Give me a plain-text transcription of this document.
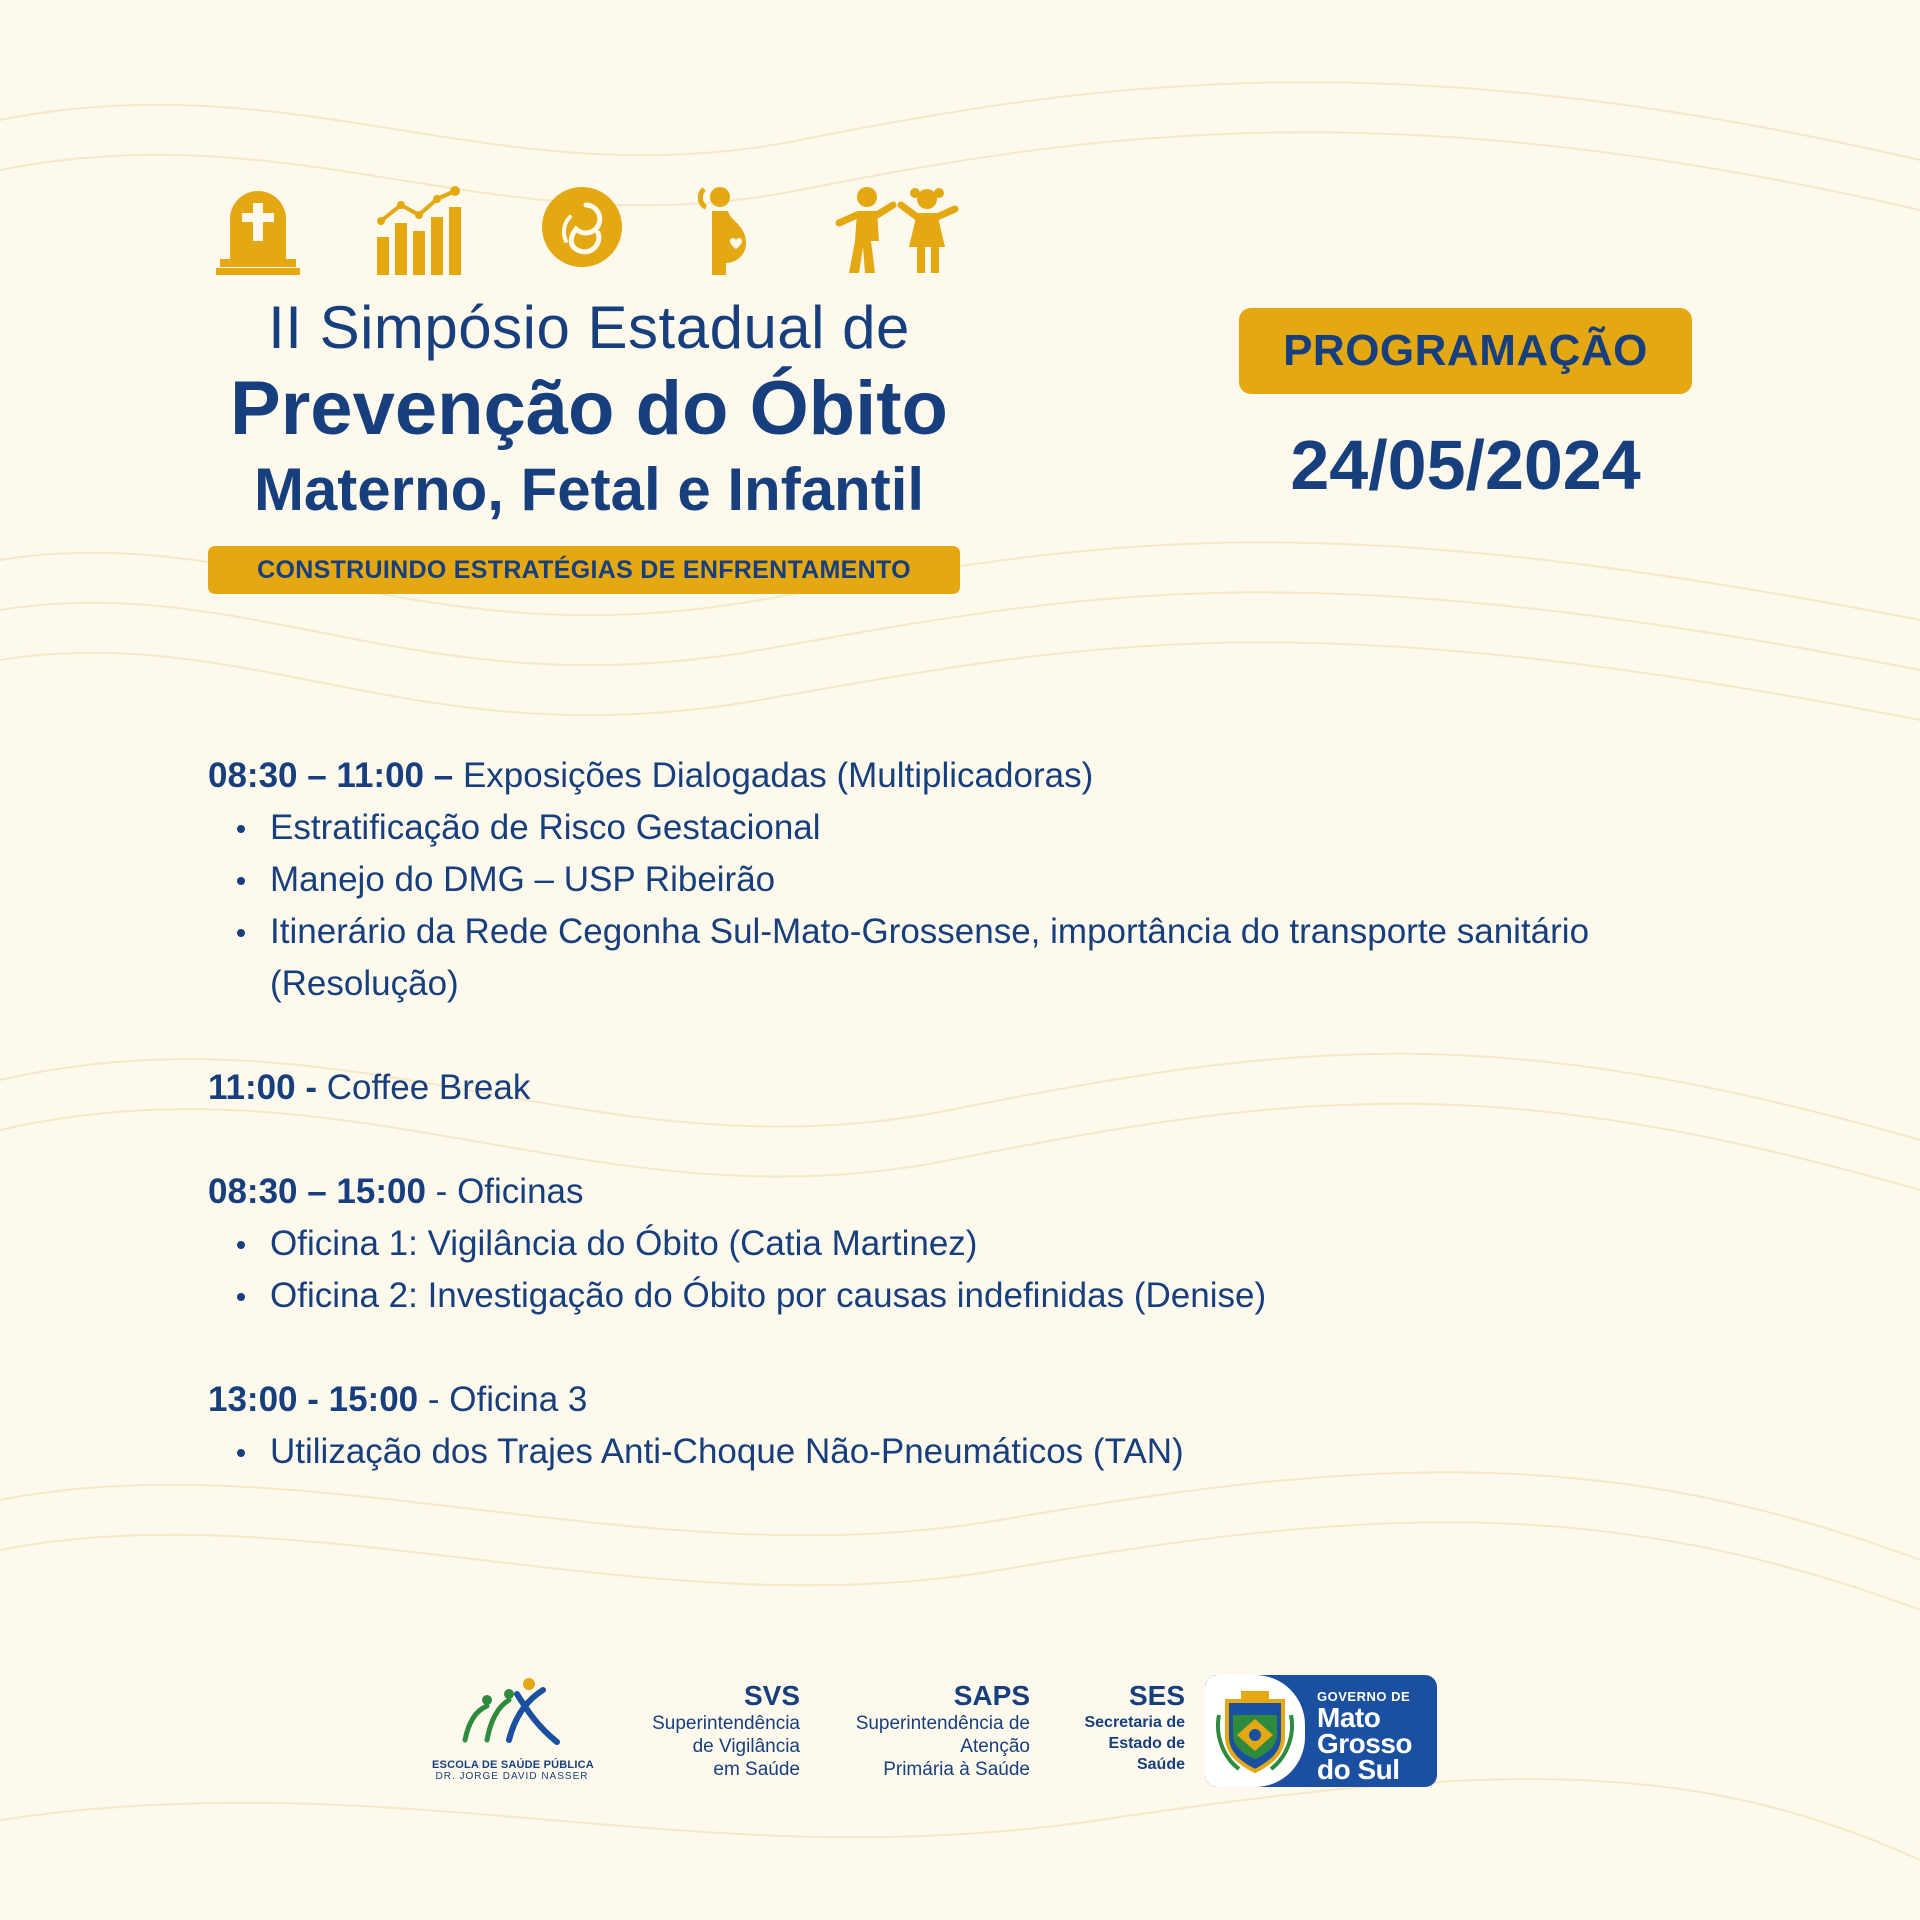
II Simpósio Estadual de
Prevenção do Óbito
Materno, Fetal e Infantil
CONSTRUINDO ESTRATÉGIAS DE ENFRENTAMENTO
PROGRAMAÇÃO
24/05/2024
08:30 – 11:00 – Exposições Dialogadas (Multiplicadoras)
Estratificação de Risco Gestacional
Manejo do DMG – USP Ribeirão
Itinerário da Rede Cegonha Sul-Mato-Grossense, importância do transporte sanitário (Resolução)
11:00 - Coffee Break
08:30 – 15:00 - Oficinas
Oficina 1: Vigilância do Óbito (Catia Martinez)
Oficina 2: Investigação do Óbito por causas indefinidas (Denise)
13:00 - 15:00 - Oficina 3
Utilização dos Trajes Anti-Choque Não-Pneumáticos (TAN)
ESCOLA DE SAÚDE PÚBLICA
DR. JORGE DAVID NASSER
SVS
Superintendência
de Vigilância
em Saúde
SAPS
Superintendência de
Atenção
Primária à Saúde
SES
Secretaria de
Estado de
Saúde
GOVERNO DE
Mato
Grosso
do Sul
